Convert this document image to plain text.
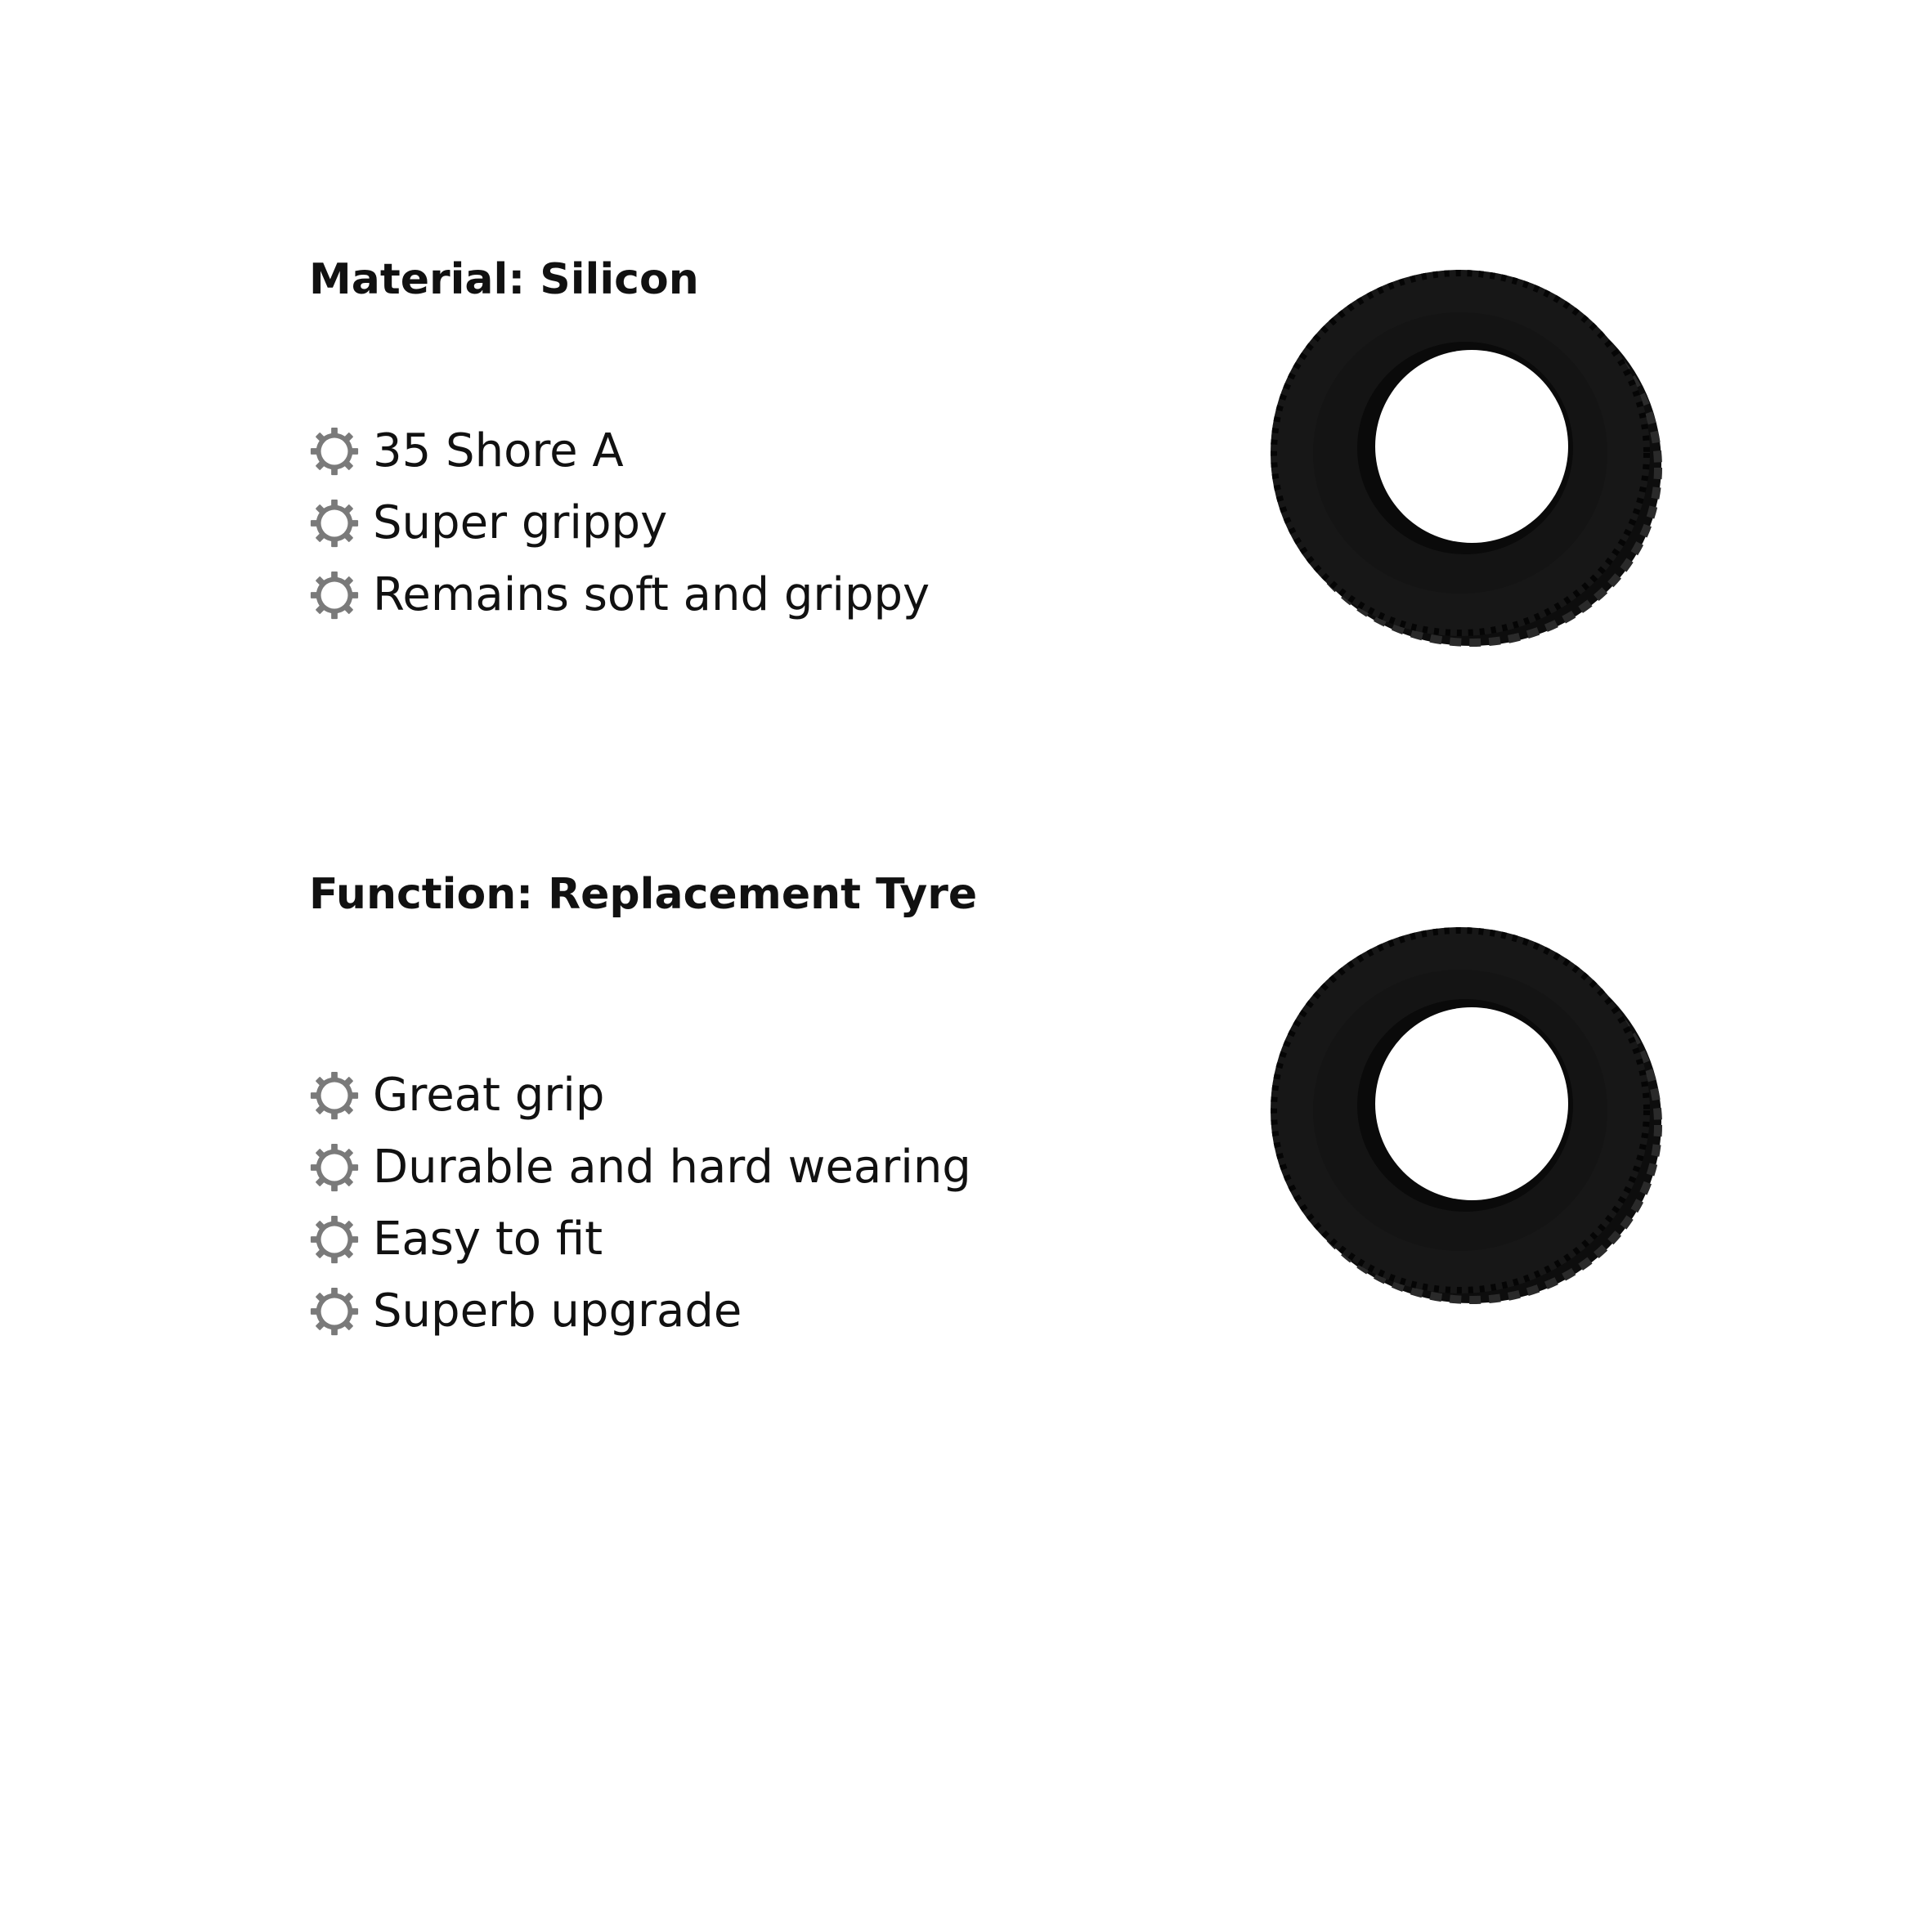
Material: Silicon
35 Shore A
Super grippy
Remains soft and grippy
Function: Replacement Tyre
Great grip
Durable and hard wearing
Easy to fit
Superb upgrade
